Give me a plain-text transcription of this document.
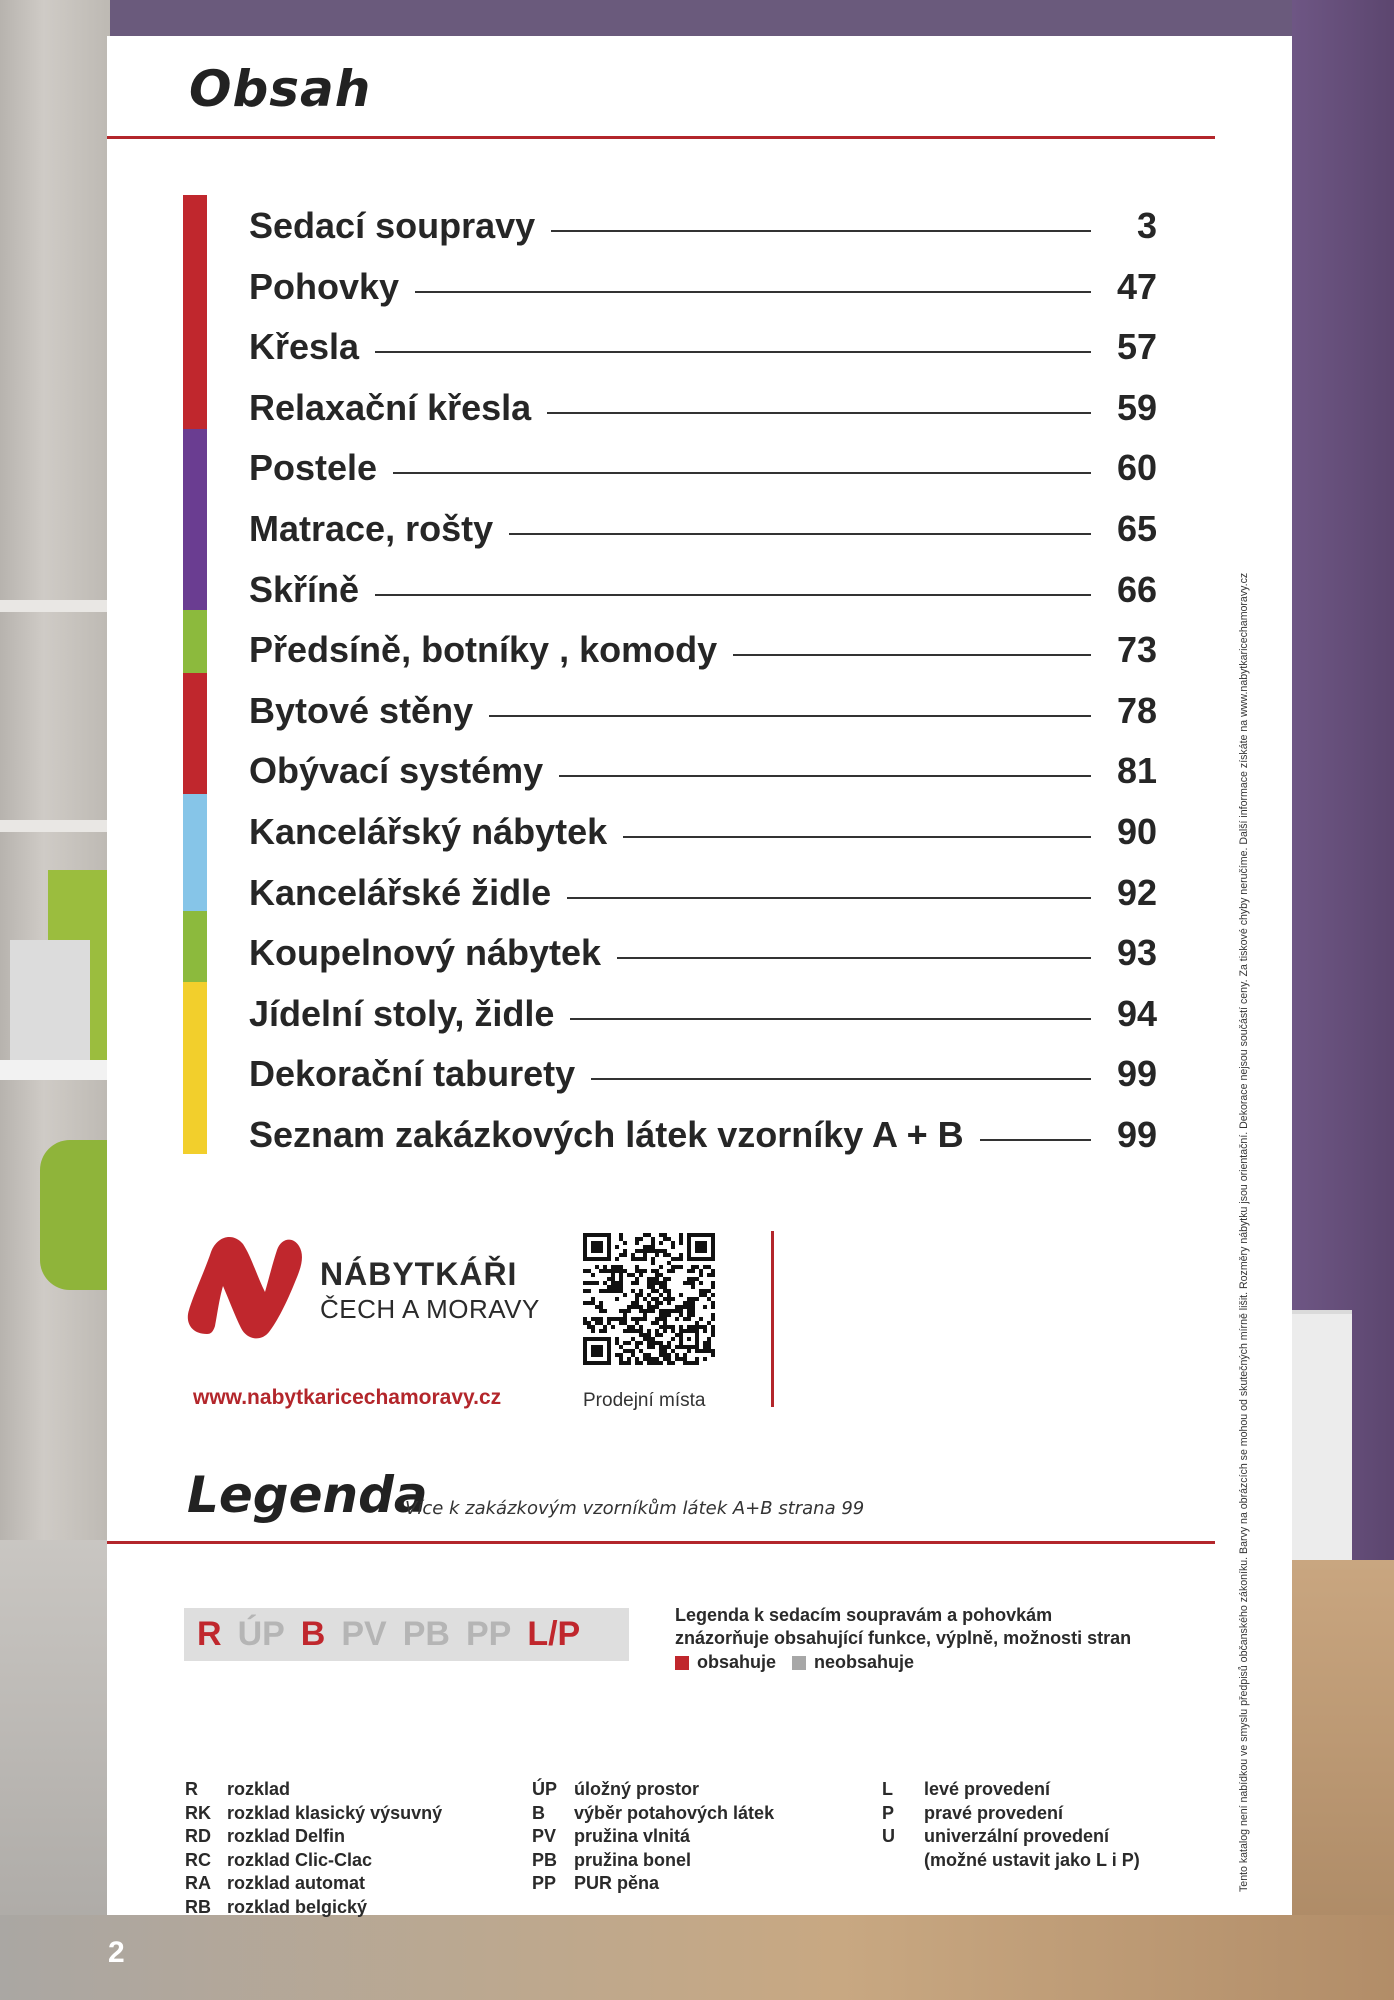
Obsah
Sedací soupravy	3
Pohovky	47
Křesla	57
Relaxační křesla	59
Postele	60
Matrace, rošty	65
Skříně	66
Předsíně, botníky , komody	73
Bytové stěny	78
Obývací systémy	81
Kancelářský nábytek	90
Kancelářské židle	92
Koupelnový nábytek	93
Jídelní stoly, židle	94
Dekorační taburety	99
Seznam zakázkových látek vzorníky A + B	99
NÁBYTKÁŘI
ČECH A MORAVY
www.nabytkaricechamoravy.cz	Prodejní místa
Legenda
Více k zakázkovým vzorníkům látek A+B strana 99
R ÚP B PV PB PP L/P	Legenda k sedacím soupravám a pohovkám
znázorňuje obsahující funkce, výplně, možnosti stran
obsahuje neobsahuje
R	rozklad
RK rozklad klasický výsuvný
RD rozklad Delfin
RC rozklad Clic-Clac
RA rozklad automat
RB rozklad belgický
ÚP úložný prostor
B	výběr potahových látek
PV pružina vlnitá
PB pružina bonel
PP PUR pěna
L	levé provedení
P	pravé provedení
U	univerzální provedení
(možné ustavit jako L i P)	Tento katalog není nabídkou ve smyslu předpisů občanského zákoníku. Barvy na obrázcích se mohou od skutečných mírně lišit. Rozměry nábytku jsou orientační. Dekorace nejsou součástí ceny. Za tiskové chyby neručíme. Další informace získáte na www.nabytkaricechamoravy.cz
2
